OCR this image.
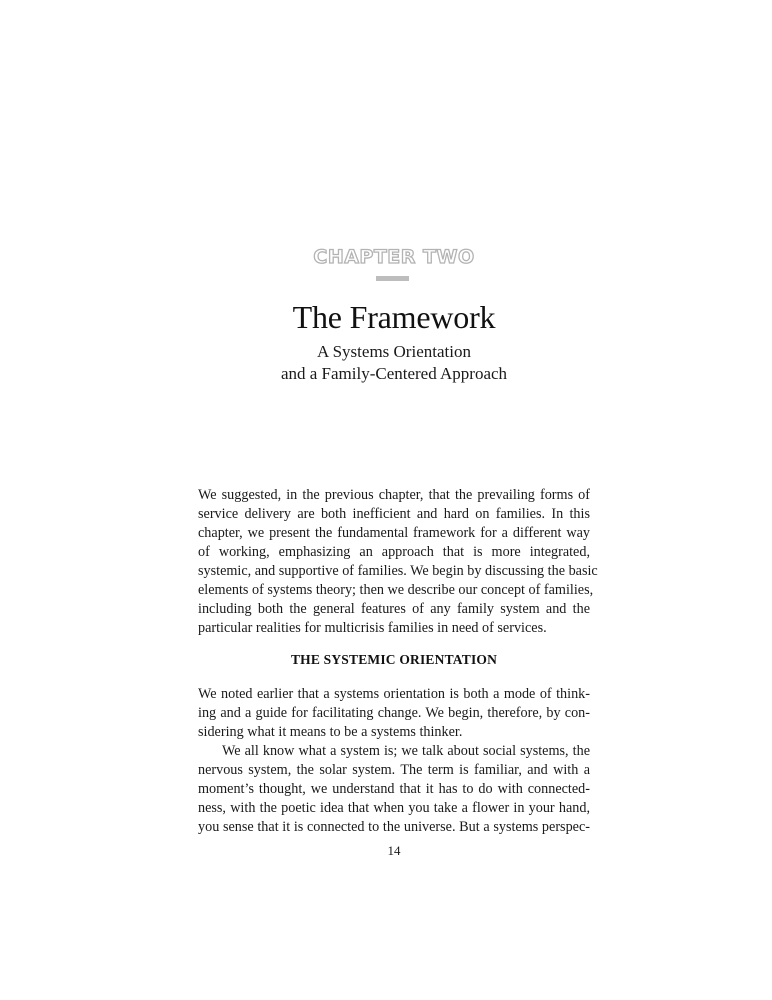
CHAPTER TWO
The Framework
A Systems Orientation
and a Family-Centered Approach
We suggested, in the previous chapter, that the prevailing forms of
service delivery are both inefficient and hard on families. In this
chapter, we present the fundamental framework for a different way
of working, emphasizing an approach that is more integrated,
systemic, and supportive of families. We begin by discussing the basic
elements of systems theory; then we describe our concept of families,
including both the general features of any family system and the
particular realities for multicrisis families in need of services.
THE SYSTEMIC ORIENTATION
We noted earlier that a systems orientation is both a mode of think-
ing and a guide for facilitating change. We begin, therefore, by con-
sidering what it means to be a systems thinker.
We all know what a system is; we talk about social systems, the
nervous system, the solar system. The term is familiar, and with a
moment’s thought, we understand that it has to do with connected-
ness, with the poetic idea that when you take a flower in your hand,
you sense that it is connected to the universe. But a systems perspec-
14
